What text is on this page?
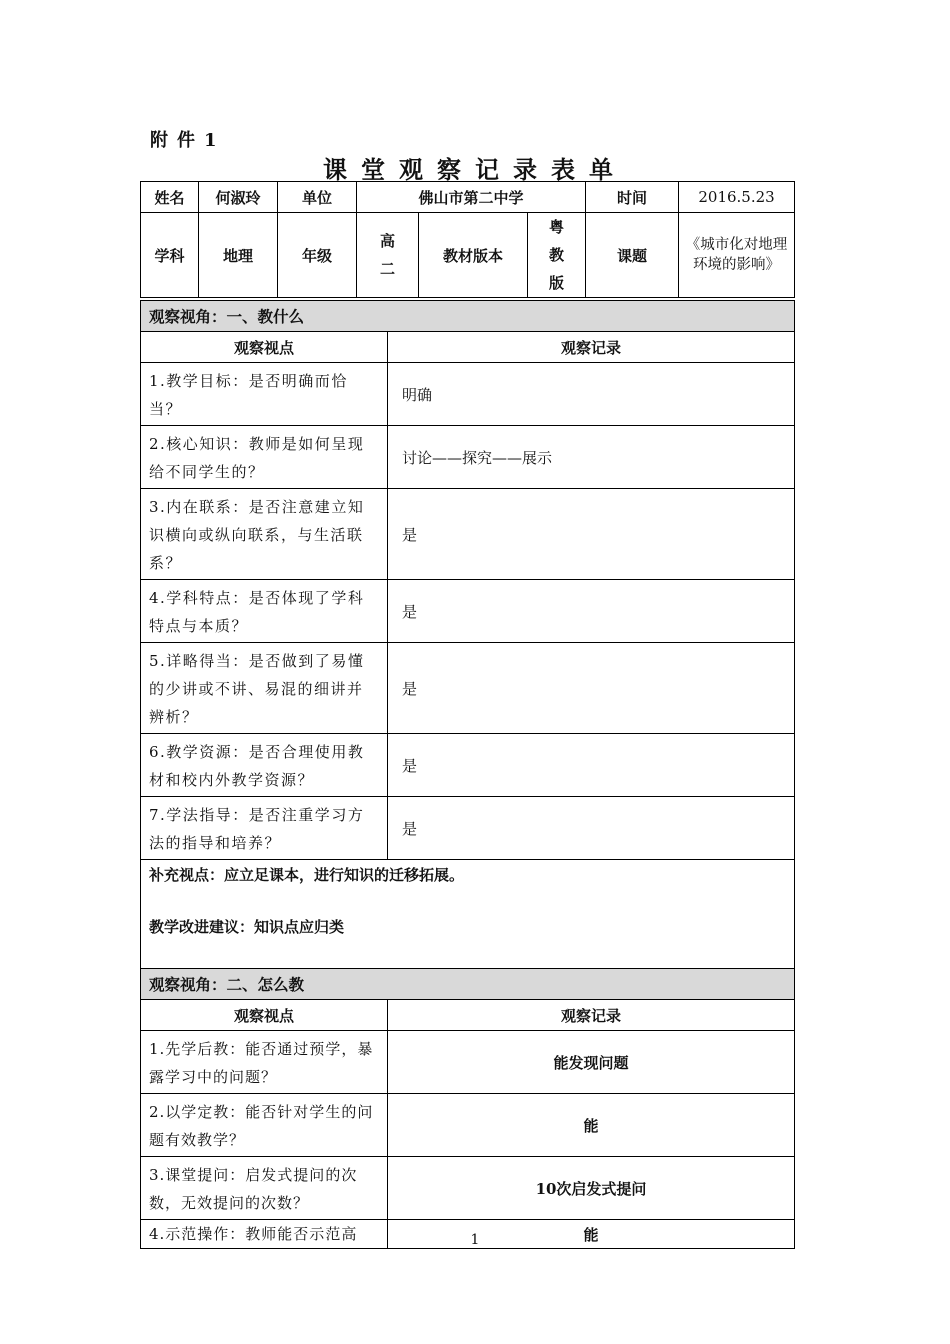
附件1
课堂观察记录表单
姓名	何淑玲	单位	佛山市第二中学			时间	2016.5.23
学科	地理	年级	高二	教材版本	粤教版	课题	《城市化对地理环境的影响》
观察视角：一、教什么	
观察视点	观察记录
1.教学目标：是否明确而恰当？	明确
2.核心知识：教师是如何呈现给不同学生的？	讨论——探究——展示
3.内在联系：是否注意建立知识横向或纵向联系，与生活联系？	是
4.学科特点：是否体现了学科特点与本质？	是
5.详略得当：是否做到了易懂的少讲或不讲、易混的细讲并辨析？	是
6.教学资源：是否合理使用教材和校内外教学资源？	是
7.学法指导：是否注重学习方法的指导和培养？	是

补充视点：应立足课本，进行知识的迁移拓展。

教学改进建议：知识点应归类	

观察视角：二、怎么教	
观察视点	观察记录
1.先学后教：能否通过预学，暴露学习中的问题？	能发现问题
2.以学定教：能否针对学生的问题有效教学？	能
3.课堂提问：启发式提问的次数，无效提问的次数？	10次启发式提问
4.示范操作：教师能否示范高	能
1
